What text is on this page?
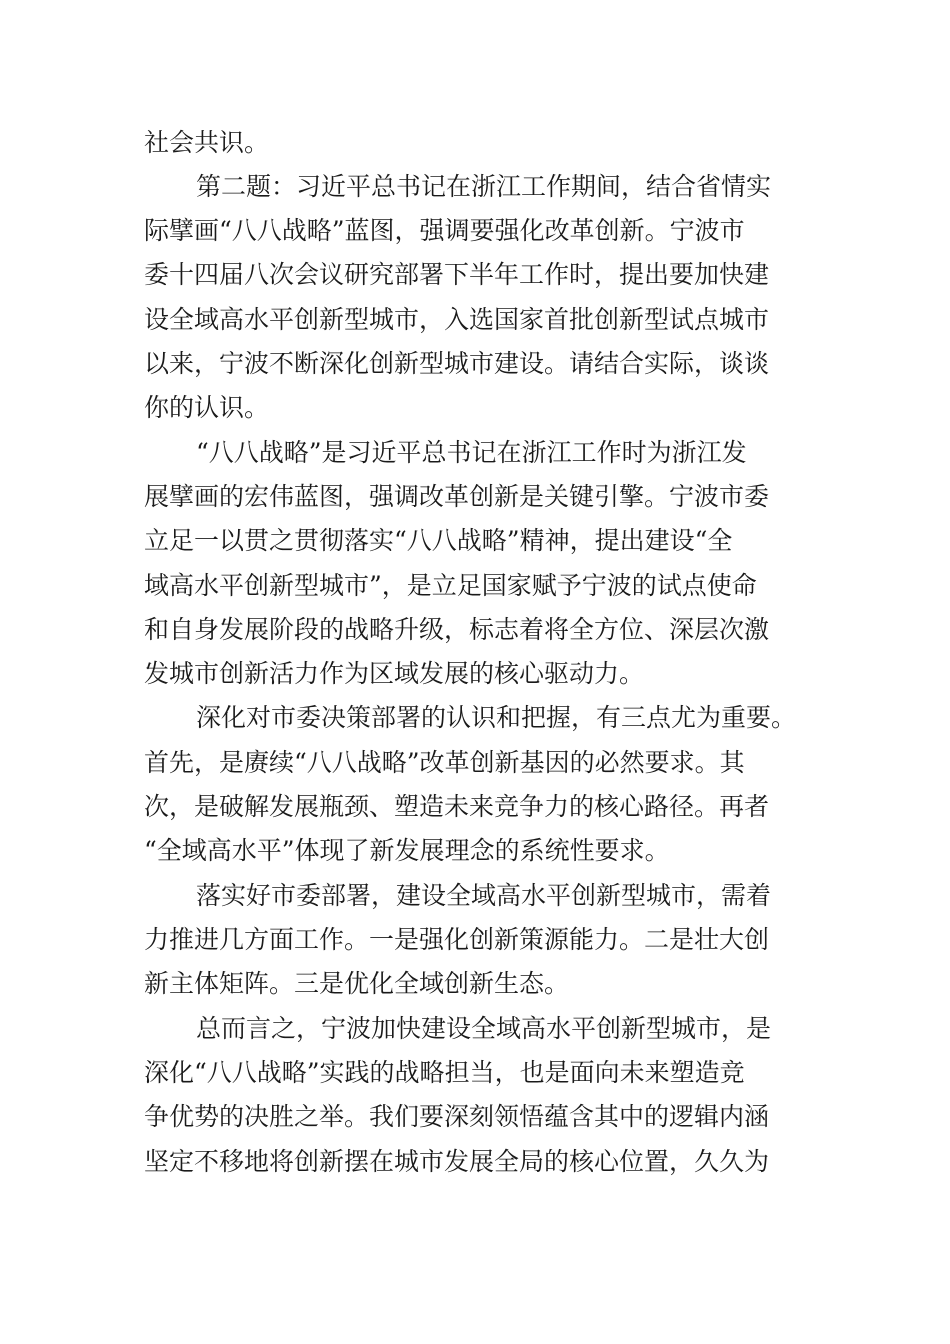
社会共识。

第二题：习近平总书记在浙江工作期间，结合省情实

际擘画“八八战略”蓝图，强调要强化改革创新。宁波市

委十四届八次会议研究部署下半年工作时，提出要加快建

设全域高水平创新型城市，入选国家首批创新型试点城市

以来，宁波不断深化创新型城市建设。请结合实际，谈谈

你的认识。

“八八战略”是习近平总书记在浙江工作时为浙江发

展擘画的宏伟蓝图，强调改革创新是关键引擎。宁波市委

立足一以贯之贯彻落实“八八战略”精神，提出建设“全

域高水平创新型城市”，是立足国家赋予宁波的试点使命

和自身发展阶段的战略升级，标志着将全方位、深层次激

发城市创新活力作为区域发展的核心驱动力。

深化对市委决策部署的认识和把握，有三点尤为重要。

首先，是赓续“八八战略”改革创新基因的必然要求。其

次，是破解发展瓶颈、塑造未来竞争力的核心路径。再者

“全域高水平”体现了新发展理念的系统性要求。

落实好市委部署，建设全域高水平创新型城市，需着

力推进几方面工作。一是强化创新策源能力。二是壮大创

新主体矩阵。三是优化全域创新生态。

总而言之，宁波加快建设全域高水平创新型城市，是

深化“八八战略”实践的战略担当，也是面向未来塑造竞

争优势的决胜之举。我们要深刻领悟蕴含其中的逻辑内涵

坚定不移地将创新摆在城市发展全局的核心位置，久久为
